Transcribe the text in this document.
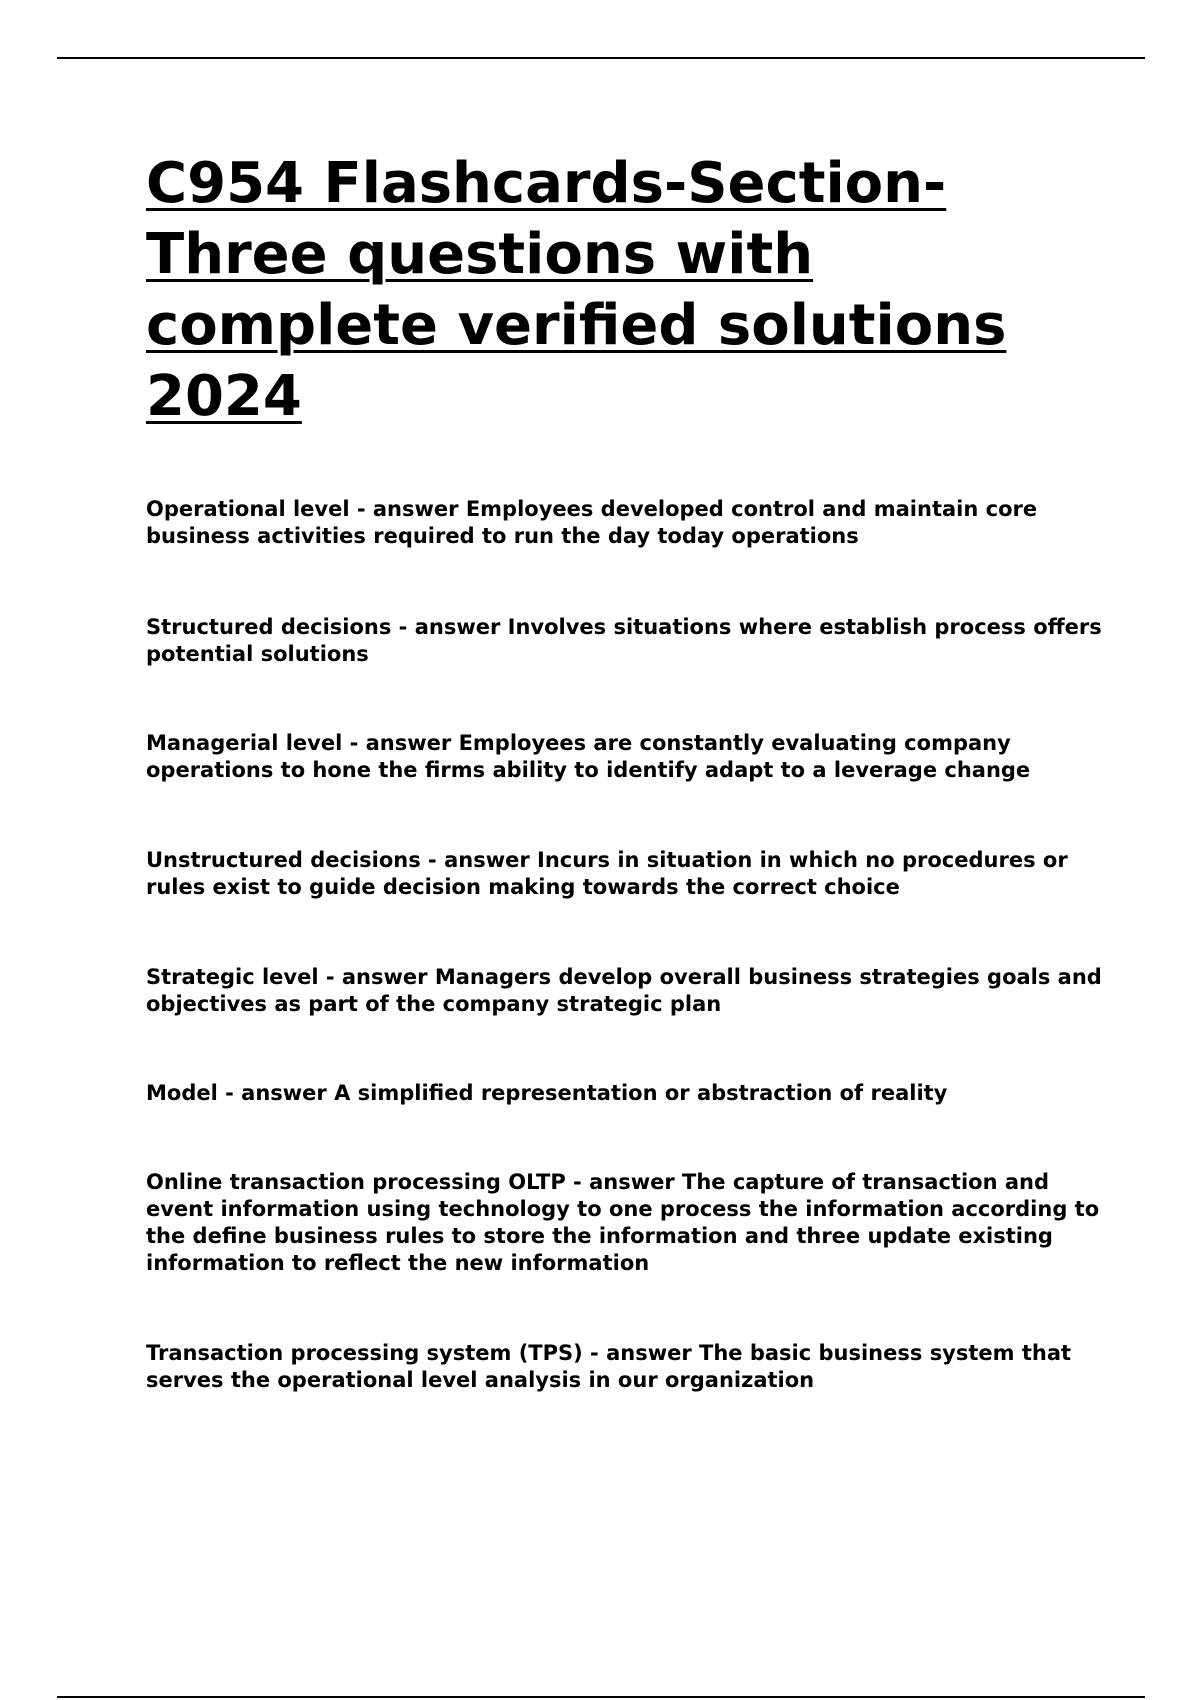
C954 Flashcards-Section-
Three questions with
complete verified solutions
2024
Operational level - answer Employees developed control and maintain core business activities required to run the day today operations
Structured decisions - answer Involves situations where establish process offers potential solutions
Managerial level - answer Employees are constantly evaluating company operations to hone the firms ability to identify adapt to a leverage change
Unstructured decisions - answer Incurs in situation in which no procedures or rules exist to guide decision making towards the correct choice
Strategic level - answer Managers develop overall business strategies goals and objectives as part of the company strategic plan
Model - answer A simplified representation or abstraction of reality
Online transaction processing OLTP - answer The capture of transaction and event information using technology to one process the information according to the define business rules to store the information and three update existing information to reflect the new information
Transaction processing system (TPS) - answer The basic business system that serves the operational level analysis in our organization
